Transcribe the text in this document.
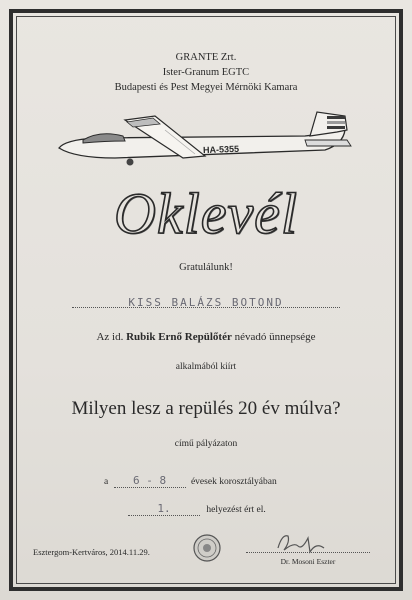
GRANTE Zrt.
Ister-Granum EGTC
Budapesti és Pest Megyei Mérnöki Kamara
HA-5355
Oklevél
Gratulálunk!
KISS BALÁZS BOTOND
Az id. Rubik Ernő Repülőtér névadó ünnepsége
alkalmából kiírt
Milyen lesz a repülés 20 év múlva?
című pályázaton
a 6 - 8	évesek korosztályában
1.	helyezést ért el.
Esztergom-Kertváros, 2014.11.29.
Dr. Mosoni Eszter
